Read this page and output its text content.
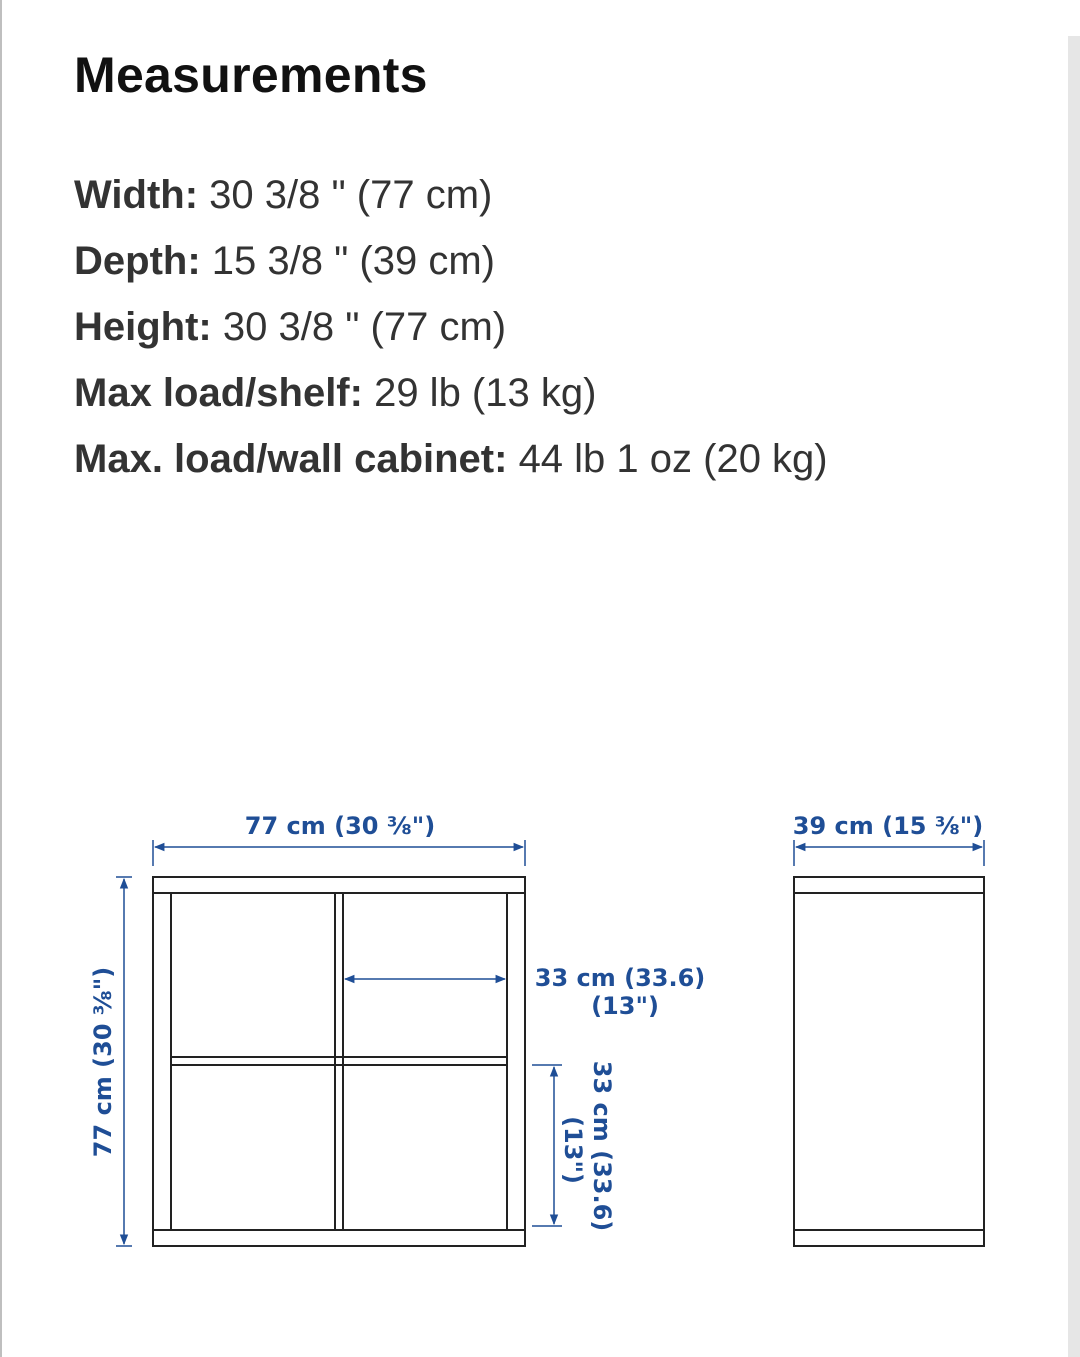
Measurements
Width: 30 3/8 " (77 cm)
Depth: 15 3/8 " (39 cm)
Height: 30 3/8 " (77 cm)
Max load/shelf: 29 lb (13 kg)
Max. load/wall cabinet: 44 lb 1 oz (20 kg)
77 cm (30 ⅜")
77 cm (30 ⅜")
39 cm (15 ⅜")
33 cm (33.6)
(13")
33 cm (33.6)
(13")
